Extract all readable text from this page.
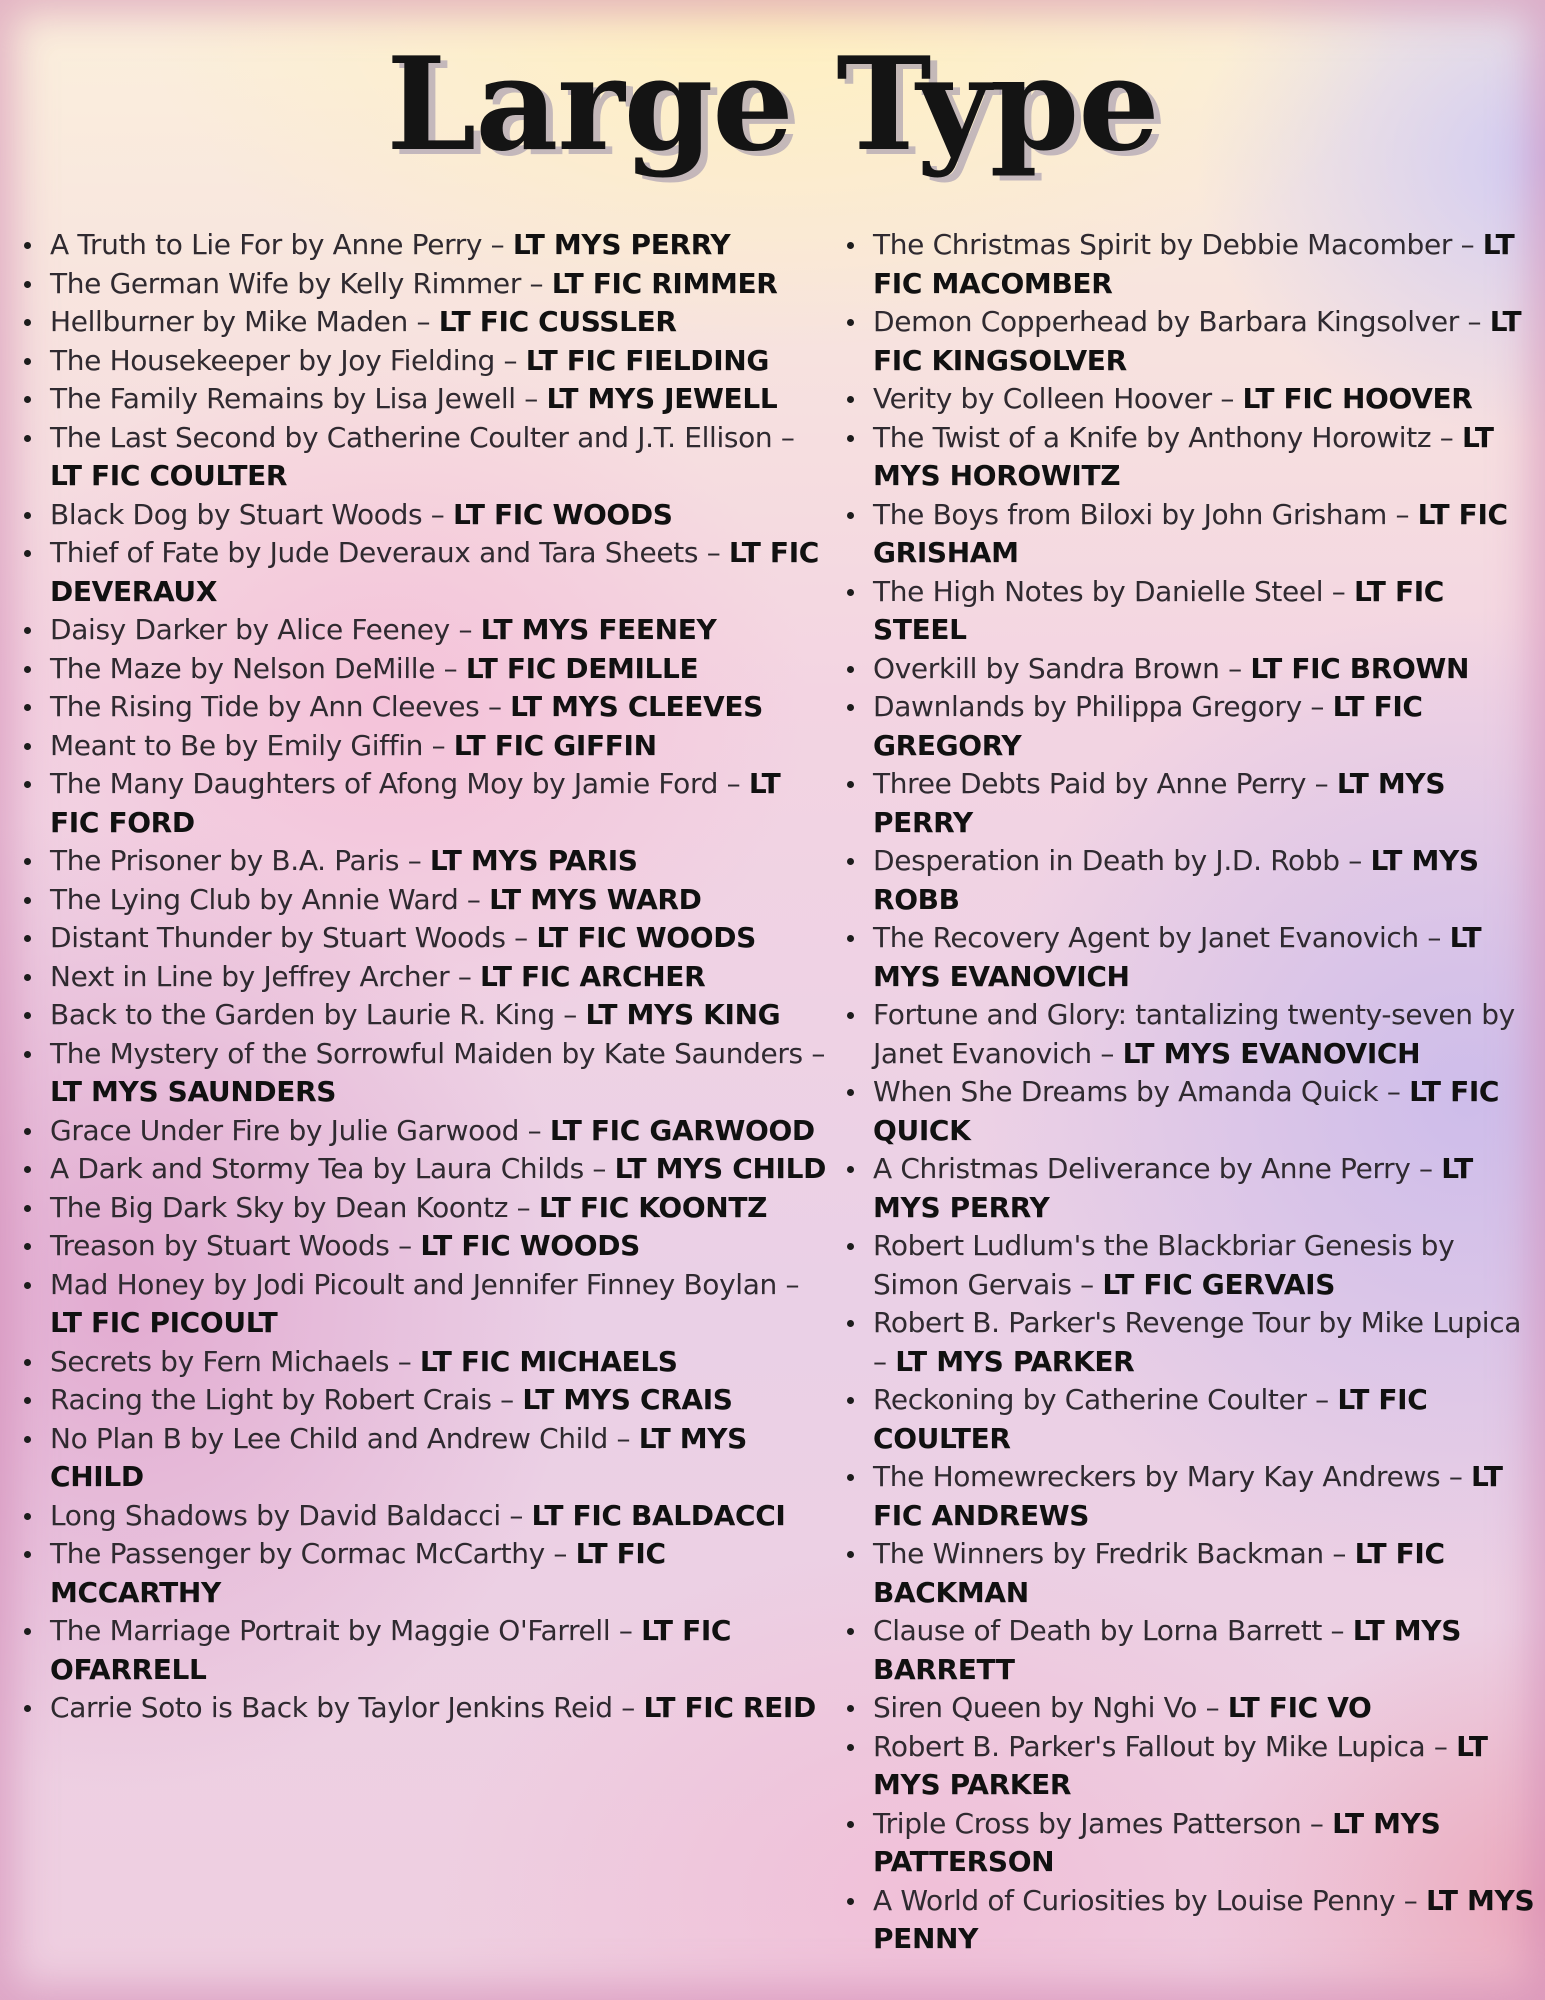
Large Type
A Truth to Lie For by Anne Perry – LT MYS PERRY
The German Wife by Kelly Rimmer – LT FIC RIMMER
Hellburner by Mike Maden – LT FIC CUSSLER
The Housekeeper by Joy Fielding – LT FIC FIELDING
The Family Remains by Lisa Jewell – LT MYS JEWELL
The Last Second by Catherine Coulter and J.T. Ellison – LT FIC COULTER
Black Dog by Stuart Woods – LT FIC WOODS
Thief of Fate by Jude Deveraux and Tara Sheets – LT FIC DEVERAUX
Daisy Darker by Alice Feeney – LT MYS FEENEY
The Maze by Nelson DeMille – LT FIC DEMILLE
The Rising Tide by Ann Cleeves – LT MYS CLEEVES
Meant to Be by Emily Giffin – LT FIC GIFFIN
The Many Daughters of Afong Moy by Jamie Ford – LT FIC FORD
The Prisoner by B.A. Paris – LT MYS PARIS
The Lying Club by Annie Ward – LT MYS WARD
Distant Thunder by Stuart Woods – LT FIC WOODS
Next in Line by Jeffrey Archer – LT FIC ARCHER
Back to the Garden by Laurie R. King – LT MYS KING
The Mystery of the Sorrowful Maiden by Kate Saunders – LT MYS SAUNDERS
Grace Under Fire by Julie Garwood – LT FIC GARWOOD
A Dark and Stormy Tea by Laura Childs – LT MYS CHILD
The Big Dark Sky by Dean Koontz – LT FIC KOONTZ
Treason by Stuart Woods – LT FIC WOODS
Mad Honey by Jodi Picoult and Jennifer Finney Boylan – LT FIC PICOULT
Secrets by Fern Michaels – LT FIC MICHAELS
Racing the Light by Robert Crais – LT MYS CRAIS
No Plan B by Lee Child and Andrew Child – LT MYS CHILD
Long Shadows by David Baldacci – LT FIC BALDACCI
The Passenger by Cormac McCarthy – LT FIC MCCARTHY
The Marriage Portrait by Maggie O'Farrell – LT FIC OFARRELL
Carrie Soto is Back by Taylor Jenkins Reid – LT FIC REID
The Christmas Spirit by Debbie Macomber – LT FIC MACOMBER
Demon Copperhead by Barbara Kingsolver – LT FIC KINGSOLVER
Verity by Colleen Hoover – LT FIC HOOVER
The Twist of a Knife by Anthony Horowitz – LT MYS HOROWITZ
The Boys from Biloxi by John Grisham – LT FIC GRISHAM
The High Notes by Danielle Steel – LT FIC STEEL
Overkill by Sandra Brown – LT FIC BROWN
Dawnlands by Philippa Gregory – LT FIC GREGORY
Three Debts Paid by Anne Perry – LT MYS PERRY
Desperation in Death by J.D. Robb – LT MYS ROBB
The Recovery Agent by Janet Evanovich – LT MYS EVANOVICH
Fortune and Glory: tantalizing twenty-seven by Janet Evanovich – LT MYS EVANOVICH
When She Dreams by Amanda Quick – LT FIC QUICK
A Christmas Deliverance by Anne Perry – LT MYS PERRY
Robert Ludlum's the Blackbriar Genesis by Simon Gervais – LT FIC GERVAIS
Robert B. Parker's Revenge Tour by Mike Lupica – LT MYS PARKER
Reckoning by Catherine Coulter – LT FIC COULTER
The Homewreckers by Mary Kay Andrews – LT FIC ANDREWS
The Winners by Fredrik Backman – LT FIC BACKMAN
Clause of Death by Lorna Barrett – LT MYS BARRETT
Siren Queen by Nghi Vo – LT FIC VO
Robert B. Parker's Fallout by Mike Lupica – LT MYS PARKER
Triple Cross by James Patterson – LT MYS PATTERSON
A World of Curiosities by Louise Penny – LT MYS PENNY
